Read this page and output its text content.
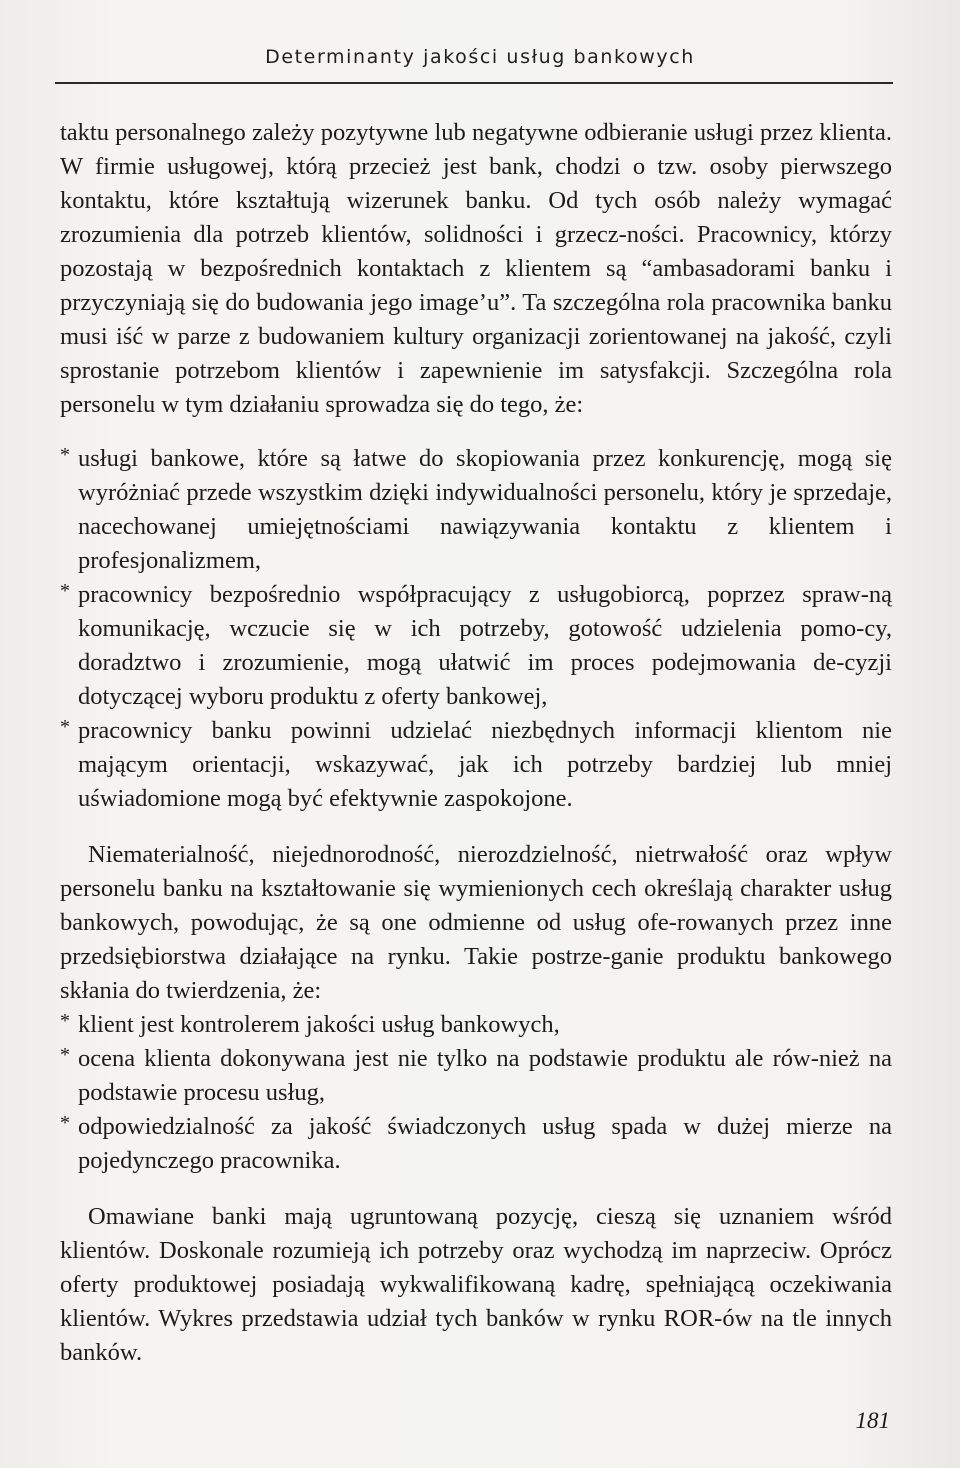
Determinanty jakości usług bankowych

taktu personalnego zależy pozytywne lub negatywne odbieranie usługi przez klienta. W firmie usługowej, którą przecież jest bank, chodzi o tzw. osoby pierwszego kontaktu, które kształtują wizerunek banku. Od tych osób należy wymagać zrozumienia dla potrzeb klientów, solidności i grzecz-ności. Pracownicy, którzy pozostają w bezpośrednich kontaktach z klientem są “ambasadorami banku i przyczyniają się do budowania jego image’u”. Ta szczególna rola pracownika banku musi iść w parze z budowaniem kultury organizacji zorientowanej na jakość, czyli sprostanie potrzebom klientów i zapewnienie im satysfakcji. Szczególna rola personelu w tym działaniu sprowadza się do tego, że:

* usługi bankowe, które są łatwe do skopiowania przez konkurencję, mogą się wyróżniać przede wszystkim dzięki indywidualności personelu, który je sprzedaje, nacechowanej umiejętnościami nawiązywania kontaktu z klientem i profesjonalizmem,
* pracownicy bezpośrednio współpracujący z usługobiorcą, poprzez spraw-ną komunikację, wczucie się w ich potrzeby, gotowość udzielenia pomo-cy, doradztwo i zrozumienie, mogą ułatwić im proces podejmowania de-cyzji dotyczącej wyboru produktu z oferty bankowej,
* pracownicy banku powinni udzielać niezbędnych informacji klientom nie mającym orientacji, wskazywać, jak ich potrzeby bardziej lub mniej uświadomione mogą być efektywnie zaspokojone.

Niematerialność, niejednorodność, nierozdzielność, nietrwałość oraz wpływ personelu banku na kształtowanie się wymienionych cech określają charakter usług bankowych, powodując, że są one odmienne od usług ofe-rowanych przez inne przedsiębiorstwa działające na rynku. Takie postrze-ganie produktu bankowego skłania do twierdzenia, że:

* klient jest kontrolerem jakości usług bankowych,
* ocena klienta dokonywana jest nie tylko na podstawie produktu ale rów-nież na podstawie procesu usług,
* odpowiedzialność za jakość świadczonych usług spada w dużej mierze na pojedynczego pracownika.

Omawiane banki mają ugruntowaną pozycję, cieszą się uznaniem wśród klientów. Doskonale rozumieją ich potrzeby oraz wychodzą im naprzeciw. Oprócz oferty produktowej posiadają wykwalifikowaną kadrę, spełniającą oczekiwania klientów. Wykres przedstawia udział tych banków w rynku ROR-ów na tle innych banków.

181
